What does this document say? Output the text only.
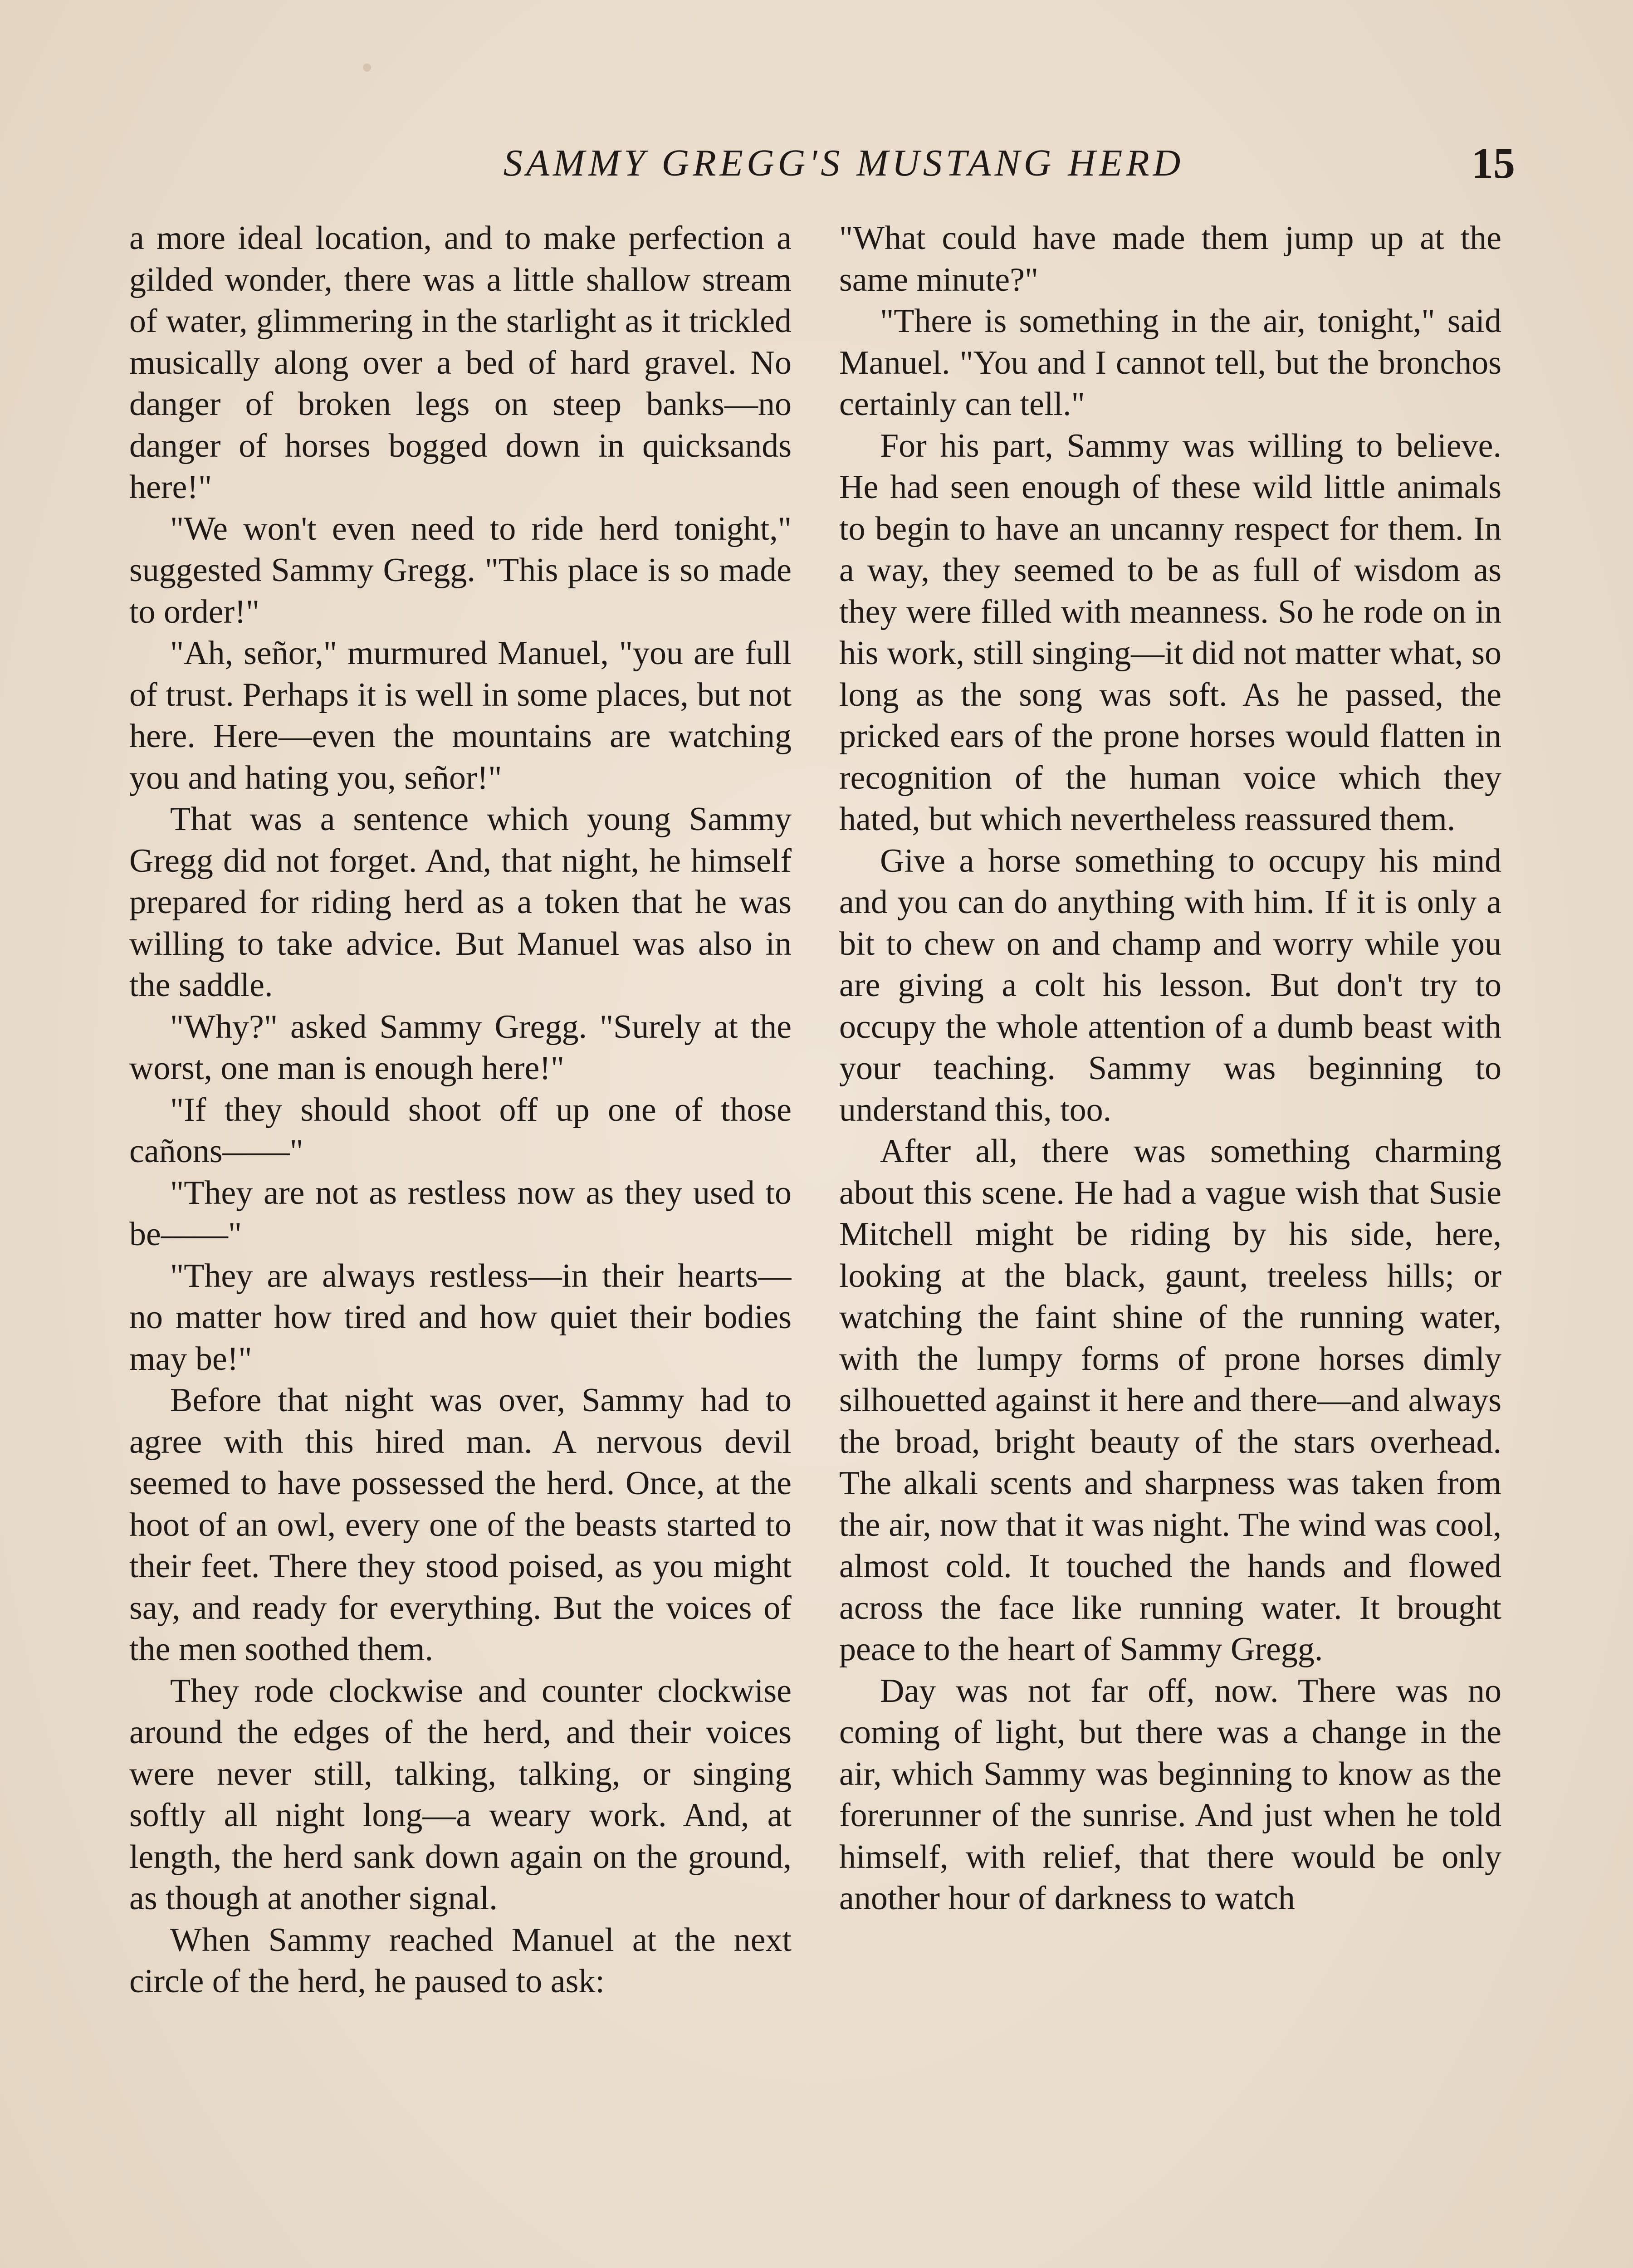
SAMMY GREGG'S MUSTANG HERD	15

a more ideal location, and to make perfection a gilded wonder, there was a little shallow stream of water, glimmering in the starlight as it trickled musically along over a bed of hard gravel. No danger of broken legs on steep banks—no danger of horses bogged down in quicksands here!"

"We won't even need to ride herd tonight," suggested Sammy Gregg. "This place is so made to order!"

"Ah, señor," murmured Manuel, "you are full of trust. Perhaps it is well in some places, but not here. Here—even the mountains are watching you and hating you, señor!"

That was a sentence which young Sammy Gregg did not forget. And, that night, he himself prepared for riding herd as a token that he was willing to take advice. But Manuel was also in the saddle.

"Why?" asked Sammy Gregg. "Surely at the worst, one man is enough here!"

"If they should shoot off up one of those cañons——"

"They are not as restless now as they used to be——"

"They are always restless—in their hearts—no matter how tired and how quiet their bodies may be!"

Before that night was over, Sammy had to agree with this hired man. A nervous devil seemed to have possessed the herd. Once, at the hoot of an owl, every one of the beasts started to their feet. There they stood poised, as you might say, and ready for everything. But the voices of the men soothed them.

They rode clockwise and counter clockwise around the edges of the herd, and their voices were never still, talking, talking, or singing softly all night long—a weary work. And, at length, the herd sank down again on the ground, as though at another signal.

When Sammy reached Manuel at the next circle of the herd, he paused to ask:

"What could have made them jump up at the same minute?"

"There is something in the air, tonight," said Manuel. "You and I cannot tell, but the bronchos certainly can tell."

For his part, Sammy was willing to believe. He had seen enough of these wild little animals to begin to have an uncanny respect for them. In a way, they seemed to be as full of wisdom as they were filled with meanness. So he rode on in his work, still singing—it did not matter what, so long as the song was soft. As he passed, the pricked ears of the prone horses would flatten in recognition of the human voice which they hated, but which nevertheless reassured them.

Give a horse something to occupy his mind and you can do anything with him. If it is only a bit to chew on and champ and worry while you are giving a colt his lesson. But don't try to occupy the whole attention of a dumb beast with your teaching. Sammy was beginning to understand this, too.

After all, there was something charming about this scene. He had a vague wish that Susie Mitchell might be riding by his side, here, looking at the black, gaunt, treeless hills; or watching the faint shine of the running water, with the lumpy forms of prone horses dimly silhouetted against it here and there—and always the broad, bright beauty of the stars overhead. The alkali scents and sharpness was taken from the air, now that it was night. The wind was cool, almost cold. It touched the hands and flowed across the face like running water. It brought peace to the heart of Sammy Gregg.

Day was not far off, now. There was no coming of light, but there was a change in the air, which Sammy was beginning to know as the forerunner of the sunrise. And just when he told himself, with relief, that there would be only another hour of darkness to watch
